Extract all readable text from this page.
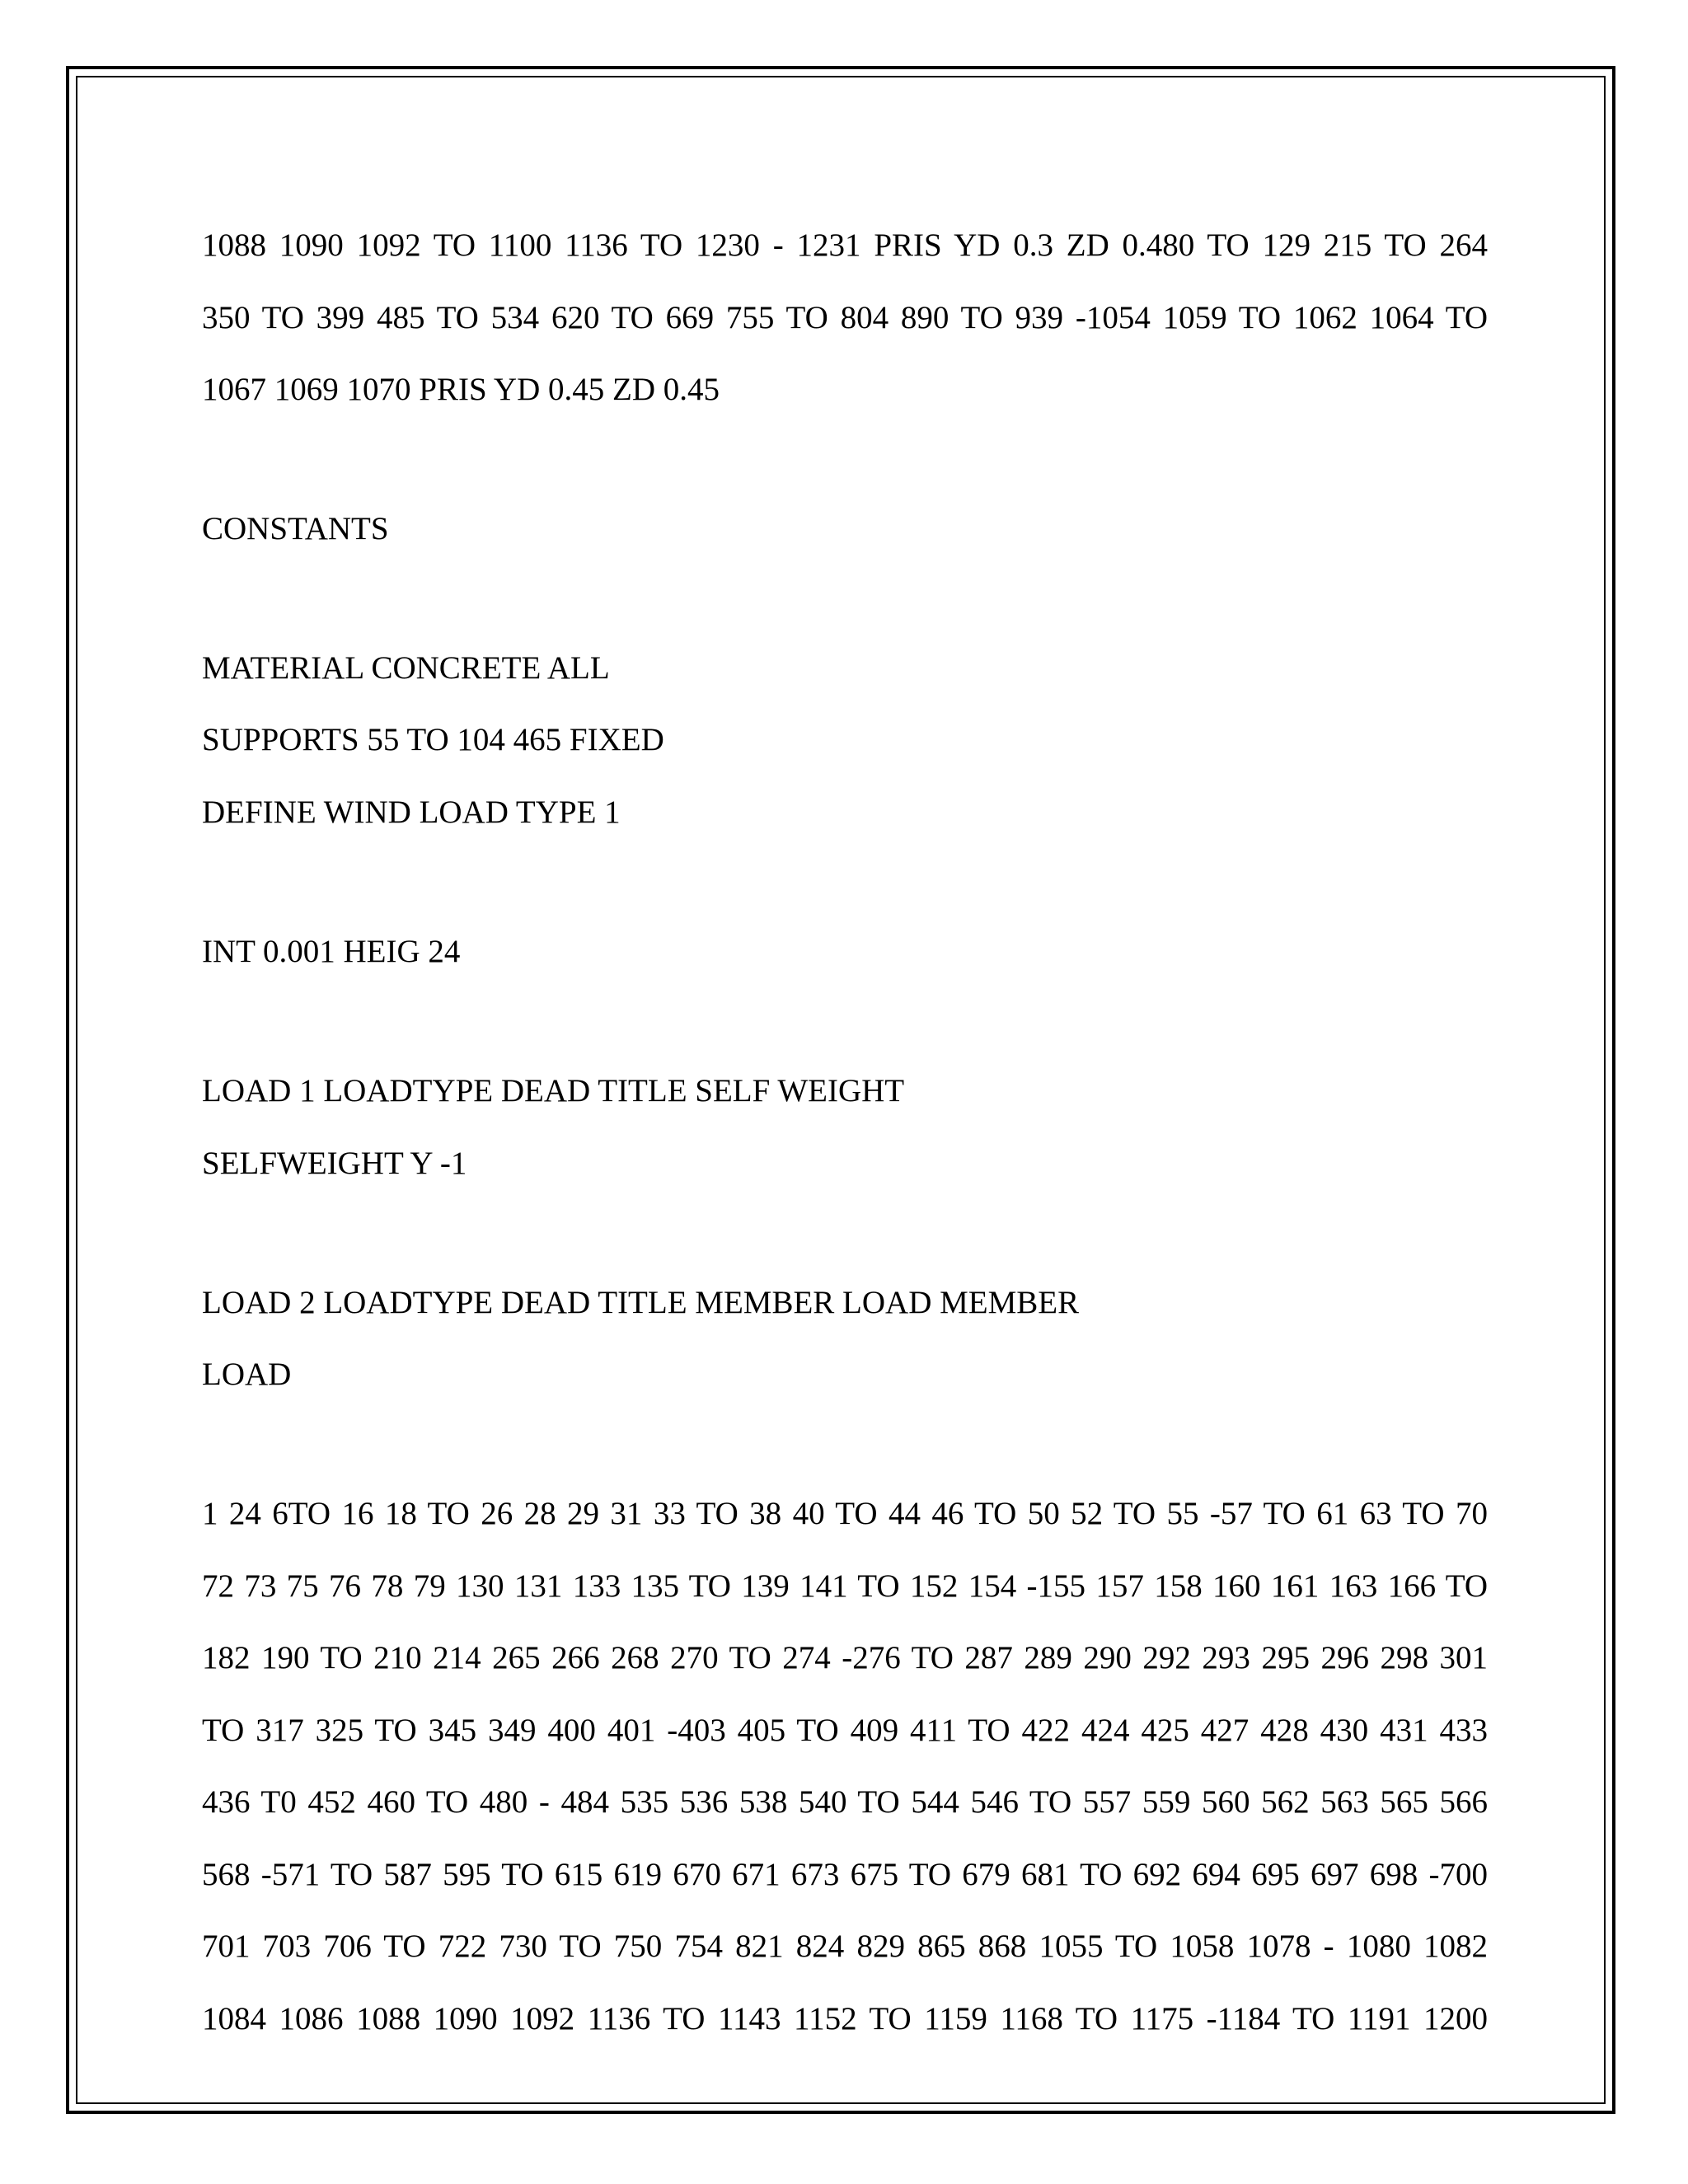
1088 1090 1092 TO 1100 1136 TO 1230 - 1231 PRIS YD 0.3 ZD 0.480 TO 129 215 TO 264
350 TO 399 485 TO 534 620 TO 669 755 TO 804 890 TO 939 -1054 1059 TO 1062 1064 TO
1067 1069 1070 PRIS YD 0.45 ZD 0.45
CONSTANTS
MATERIAL CONCRETE ALL
SUPPORTS 55 TO 104 465 FIXED
DEFINE WIND LOAD TYPE 1
INT 0.001 HEIG 24
LOAD 1 LOADTYPE DEAD TITLE SELF WEIGHT
SELFWEIGHT Y -1
LOAD 2 LOADTYPE DEAD TITLE MEMBER LOAD MEMBER
LOAD
1 24 6TO 16 18 TO 26 28 29 31 33 TO 38 40 TO 44 46 TO 50 52 TO 55 -57 TO 61 63 TO 70
72 73 75 76 78 79 130 131 133 135 TO 139 141 TO 152 154 -155 157 158 160 161 163 166 TO
182 190 TO 210 214 265 266 268 270 TO 274 -276 TO 287 289 290 292 293 295 296 298 301
TO 317 325 TO 345 349 400 401 -403 405 TO 409 411 TO 422 424 425 427 428 430 431 433
436 T0 452 460 TO 480 - 484 535 536 538 540 TO 544 546 TO 557 559 560 562 563 565 566
568 -571 TO 587 595 TO 615 619 670 671 673 675 TO 679 681 TO 692 694 695 697 698 -700
701 703 706 TO 722 730 TO 750 754 821 824 829 865 868 1055 TO 1058 1078 - 1080 1082
1084 1086 1088 1090 1092 1136 TO 1143 1152 TO 1159 1168 TO 1175 -1184 TO 1191 1200
